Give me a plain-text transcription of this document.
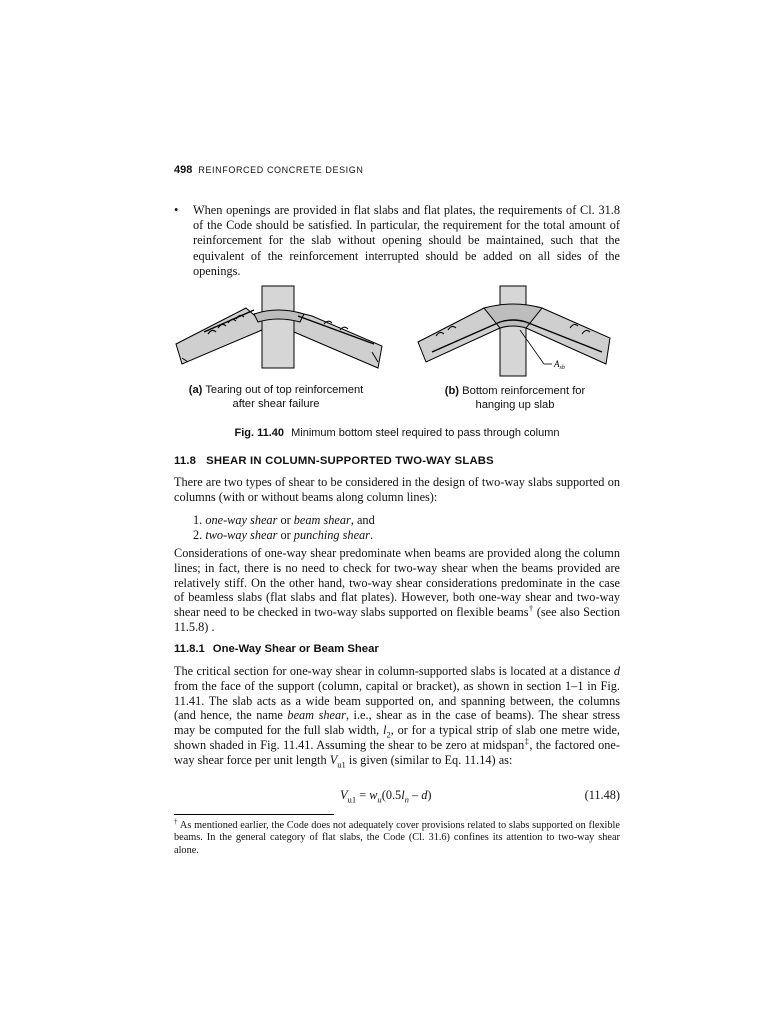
498 REINFORCED CONCRETE DESIGN
• When openings are provided in flat slabs and flat plates, the requirements of Cl. 31.8 of the Code should be satisfied. In particular, the requirement for the total amount of reinforcement for the slab without opening should be maintained, such that the equivalent of the reinforcement interrupted should be added on all sides of the openings.
$A_{sb}$
(a) Tearing out of top reinforcement after shear failure
(b) Bottom reinforcement for hanging up slab
Fig. 11.40 Minimum bottom steel required to pass through column
11.8 SHEAR IN COLUMN-SUPPORTED TWO-WAY SLABS
There are two types of shear to be considered in the design of two-way slabs supported on columns (with or without beams along column lines):
1. one-way shear or beam shear, and
2. two-way shear or punching shear.
Considerations of one-way shear predominate when beams are provided along the column lines; in fact, there is no need to check for two-way shear when the beams provided are relatively stiff. On the other hand, two-way shear considerations predominate in the case of beamless slabs (flat slabs and flat plates). However, both one-way shear and two-way shear need to be checked in two-way slabs supported on flexible beams† (see also Section 11.5.8) .
11.8.1 One-Way Shear or Beam Shear
The critical section for one-way shear in column-supported slabs is located at a distance d from the face of the support (column, capital or bracket), as shown in section 1–1 in Fig. 11.41. The slab acts as a wide beam supported on, and spanning between, the columns (and hence, the name beam shear, i.e., shear as in the case of beams). The shear stress may be computed for the full slab width, $l_2$, or for a typical strip of slab one metre wide, shown shaded in Fig. 11.41. Assuming the shear to be zero at midspan‡, the factored one-way shear force per unit length $V_{u1}$ is given (similar to Eq. 11.14) as:
$V_{u1} = w_u(0.5l_n - d)$	(11.48)
† As mentioned earlier, the Code does not adequately cover provisions related to slabs supported on flexible beams. In the general category of flat slabs, the Code (Cl. 31.6) confines its attention to two-way shear alone.
